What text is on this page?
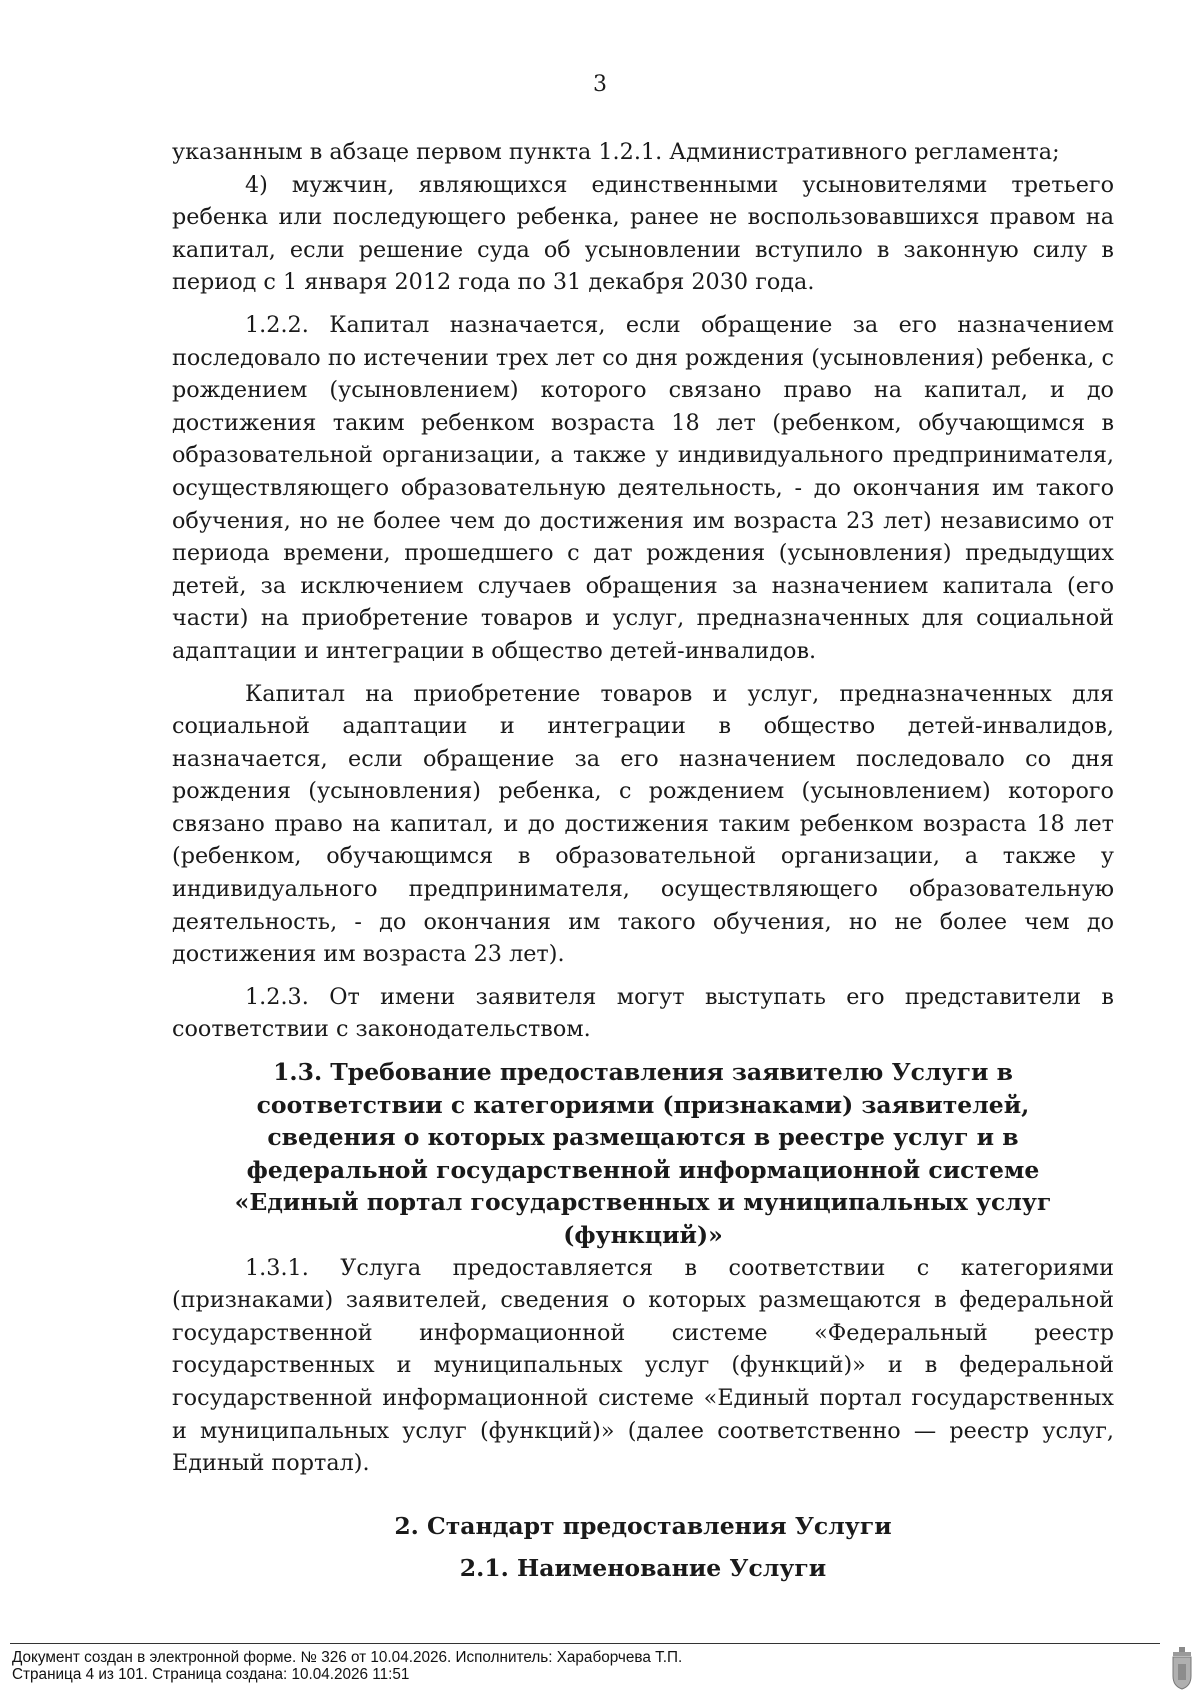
3

указанным в абзаце первом пункта 1.2.1. Административного регламента;

4) мужчин, являющихся единственными усыновителями третьего ребенка или последующего ребенка, ранее не воспользовавшихся правом на капитал, если решение суда об усыновлении вступило в законную силу в период с 1 января 2012 года по 31 декабря 2030 года.

1.2.2. Капитал назначается, если обращение за его назначением последовало по истечении трех лет со дня рождения (усыновления) ребенка, с рождением (усыновлением) которого связано право на капитал, и до достижения таким ребенком возраста 18 лет (ребенком, обучающимся в образовательной организации, а также у индивидуального предпринимателя, осуществляющего образовательную деятельность, - до окончания им такого обучения, но не более чем до достижения им возраста 23 лет) независимо от периода времени, прошедшего с дат рождения (усыновления) предыдущих детей, за исключением случаев обращения за назначением капитала (его части) на приобретение товаров и услуг, предназначенных для социальной адаптации и интеграции в общество детей-инвалидов.

Капитал на приобретение товаров и услуг, предназначенных для социальной адаптации и интеграции в общество детей-инвалидов, назначается, если обращение за его назначением последовало со дня рождения (усыновления) ребенка, с рождением (усыновлением) которого связано право на капитал, и до достижения таким ребенком возраста 18 лет (ребенком, обучающимся в образовательной организации, а также у индивидуального предпринимателя, осуществляющего образовательную деятельность, - до окончания им такого обучения, но не более чем до достижения им возраста 23 лет).

1.2.3. От имени заявителя могут выступать его представители в соответствии с законодательством.

1.3. Требование предоставления заявителю Услуги в соответствии с категориями (признаками) заявителей, сведения о которых размещаются в реестре услуг и в федеральной государственной информационной системе «Единый портал государственных и муниципальных услуг (функций)»

1.3.1. Услуга предоставляется в соответствии с категориями (признаками) заявителей, сведения о которых размещаются в федеральной государственной информационной системе «Федеральный реестр государственных и муниципальных услуг (функций)» и в федеральной государственной информационной системе «Единый портал государственных и муниципальных услуг (функций)» (далее соответственно — реестр услуг, Единый портал).

2. Стандарт предоставления Услуги
2.1. Наименование Услуги
Документ создан в электронной форме. № 326 от 10.04.2026. Исполнитель: Хараборчева Т.П.
Страница 4 из 101. Страница создана: 10.04.2026 11:51
